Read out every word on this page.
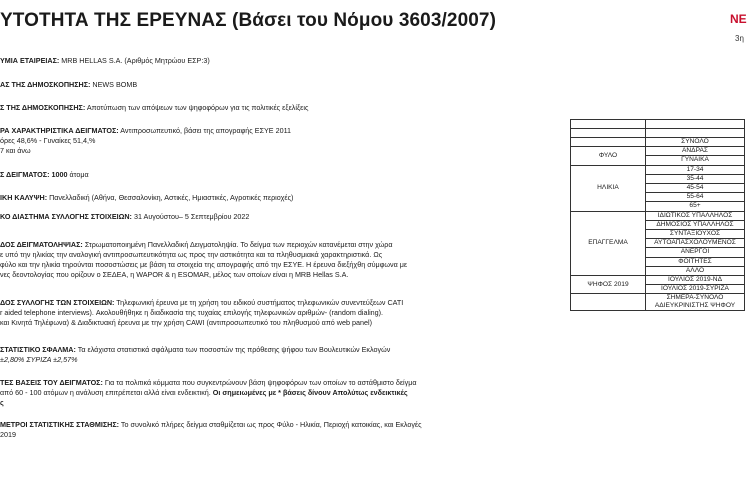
ΥΤΟΤΗΤΑ ΤΗΣ ΕΡΕΥΝΑΣ (Βάσει του Νόμου 3603/2007)	NE
3η
ΥΜΙΑ ΕΤΑΙΡΕΙΑΣ: MRB HELLAS S.A. (Αριθμός Μητρώου ΕΣΡ:3)
ΑΣ ΤΗΣ ΔΗΜΟΣΚΟΠΗΣΗΣ: NEWS BOMB
Σ ΤΗΣ ΔΗΜΟΣΚΟΠΗΣΗΣ: Αποτύπωση των απόψεων των ψηφοφόρων για τις πολιτικές εξελίξεις
ΡΑ ΧΑΡΑΚΤΗΡΙΣΤΙΚΑ ΔΕΙΓΜΑΤΟΣ: Αντιπροσωπευτικό, βάσει της απογραφής ΕΣΥΕ 2011
όρες 48,6% - Γυναίκες 51,4,%
7 και άνω
Σ ΔΕΙΓΜΑΤΟΣ: 1000 άτομα
ΙΚΗ ΚΑΛΥΨΗ: Πανελλαδική (Αθήνα, Θεσσαλονίκη, Αστικές, Ημιαστικές, Αγροτικές περιοχές)
ΚΟ ΔΙΑΣΤΗΜΑ ΣΥΛΛΟΓΗΣ ΣΤΟΙΧΕΙΩΝ: 31 Αυγούστου– 5 Σεπτεμβρίου 2022
ΔΟΣ ΔΕΙΓΜΑΤΟΛΗΨΙΑΣ: Στρωματοποιημένη Πανελλαδική Δειγματοληψία. Το δείγμα των περιοχών κατανέμεται στην χώρα
ε υπό την ηλικίας την αναλογική αντιπροσωπευτικότητα ως προς την αστικότητα και τα πληθυσμιακά χαρακτηριστικά. Ως
φύλο και την ηλικία τηρούνται ποσοστώσεις με βάση τα στοιχεία της απογραφής από την ΕΣΥΕ. Η έρευνα διεξήχθη σύμφωνα με
νες δεοντολογίας που ορίζουν ο ΣΕΔΕΑ, η WAPOR & η ESOMAR, μέλος των οποίων είναι η MRB Hellas S.A.
ΔΟΣ ΣΥΛΛΟΓΗΣ ΤΩΝ ΣΤΟΙΧΕΙΩΝ: Τηλεφωνική έρευνα με τη χρήση του ειδικού συστήματος τηλεφωνικών συνεντεύξεων CATI
r aided telephone interviews). Ακολουθήθηκε η διαδικασία της τυχαίας επιλογής τηλεφωνικών αριθμών- (random dialing).
και Κινητά Τηλέφωνα) & Διαδικτυακή έρευνα με την χρήση CAWI (αντιπροσωπευτικό του πληθυσμού από web panel)
ΣΤΑΤΙΣΤΙΚΟ ΣΦΑΛΜΑ: Τα ελάχιστα στατιστικά σφάλματα των ποσοστών της πρόθεσης ψήφου των Βουλευτικών Εκλογών
±2,80% ΣΥΡΙΖΑ ±2,57%
ΤΕΣ ΒΑΣΕΙΣ ΤΟΥ ΔΕΙΓΜΑΤΟΣ: Για τα πολιτικά κόμματα που συγκεντρώνουν βάση ψηφοφόρων των οποίων το αστάθμιστο δείγμα
από 60 - 100 ατόμων η ανάλυση επιτρέπεται αλλά είναι ενδεικτική. Οι σημειωμένες με * βάσεις δίνουν Απολύτως ενδεικτικές
ς
ΜΕΤΡΟΙ ΣΤΑΤΙΣΤΙΚΗΣ ΣΤΑΘΜΙΣΗΣ: Το συνολικό πλήρες δείγμα σταθμίζεται ως προς Φύλο - Ηλικία, Περιοχή κατοικίας, και Εκλογές
2019

	ΣΥΝΟΛΟ
ΦΥΛΟ	ΑΝΔΡΑΣ
	ΓΥΝΑΙΚΑ
ΗΛΙΚΙΑ	17-34
	35-44
	45-54
	55-64
	65+
ΕΠΑΓΓΕΛΜΑ	ΙΔΙΩΤΙΚΟΣ ΥΠΑΛΛΗΛΟΣ
	ΔΗΜΟΣΙΟΣ ΥΠΑΛΛΗΛΟΣ
	ΣΥΝΤΑΞΙΟΥΧΟΣ
	ΑΥΤΟΑΠΑΣΧΟΛΟΥΜΕΝΟΣ
	ΑΝΕΡΓΟΙ
	ΦΟΙΤΗΤΕΣ
	ΑΛΛΟ
ΨΗΦΟΣ 2019	ΙΟΥΛΙΟΣ 2019-ΝΔ
	ΙΟΥΛΙΟΣ 2019-ΣΥΡΙΖΑ
	ΣΗΜΕΡΑ-ΣΥΝΟΛΟ ΑΔΙΕΥΚΡΙΝΙΣΤΗΣ ΨΗΦΟΥ
